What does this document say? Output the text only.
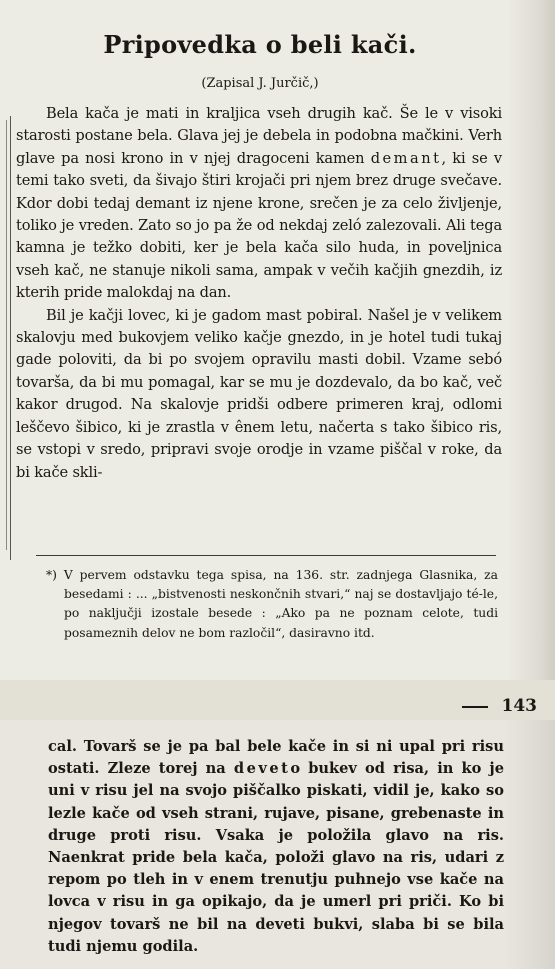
Pripovedka o beli kači.
(Zapisal J. Jurčič,)

Bela kača je mati in kraljica vseh drugih kač. Še le v visoki starosti postane bela. Glava jej je debela in podobna mačkini. Verh glave pa nosi krono in v njej dragoceni kamen demant, ki se v temi tako sveti, da šivajo štiri krojači pri njem brez druge svečave. Kdor dobi tedaj demant iz njene krone, srečen je za celo življenje, toliko je vreden. Zato so jo pa že od nekdaj zeló zalezovali. Ali tega kamna je težko dobiti, ker je bela kača silo huda, in poveljnica vseh kač, ne stanuje nikoli sama, ampak v večih kačjih gnezdih, iz kterih pride malokdaj na dan.

Bil je kačji lovec, ki je gadom mast pobiral. Našel je v velikem skalovju med bukovjem veliko kačje gnezdo, in je hotel tudi tukaj gade poloviti, da bi po svojem opravilu masti dobil. Vzame sebó tovarša, da bi mu pomagal, kar se mu je dozdevalo, da bo kač, več kakor drugod. Na skalovje pridši odbere primeren kraj, odlomi leščevo šibico, ki je zrastla v ênem letu, načerta s tako šibico ris, se vstopi v sredo, pripravi svoje orodje in vzame piščal v roke, da bi kače skli-

*) V pervem odstavku tega spisa, na 136. str. zadnjega Glasnika, za besedami : ... „bistvenosti neskončnih stvari,“ naj se dostavljajo té-le, po naključji izostale besede : „Ako pa ne poznam celote, tudi posameznih delov ne bom razločil“, dasiravno itd.

143

cal. Tovarš se je pa bal bele kače in si ni upal pri risu ostati. Zleze torej na deveto bukev od risa, in ko je uni v risu jel na svojo piščalko piskati, vidil je, kako so lezle kače od vseh strani, rujave, pisane, grebenaste in druge proti risu. Vsaka je položila glavo na ris. Naenkrat pride bela kača, položi glavo na ris, udari z repom po tleh in v enem trenutju puhnejo vse kače na lovca v risu in ga opikajo, da je umerl pri priči. Ko bi njegov tovarš ne bil na deveti bukvi, slaba bi se bila tudi njemu godila.
